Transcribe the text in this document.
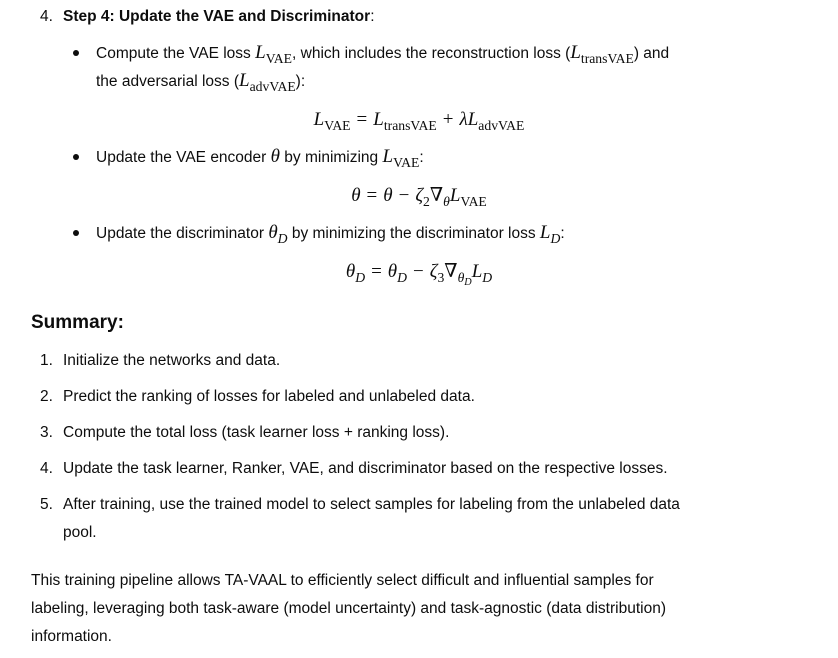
4. Step 4: Update the VAE and Discriminator:
Compute the VAE loss $L_{VAE}$, which includes the reconstruction loss $(L_{transVAE})$ and
the adversarial loss $(L_{advVAE})$:
$L_{VAE} = L_{transVAE} + \lambda L_{advVAE}$
Update the VAE encoder θ by minimizing $L_{VAE}$:
$\theta = \theta - \zeta_2\nabla_\theta L_{VAE}$
Update the discriminator $\theta_D$ by minimizing the discriminator loss $L_D$:
$\theta_D = \theta_D - \zeta_3\nabla_{\theta_D}L_D$
Summary:
1. Initialize the networks and data.
2. Predict the ranking of losses for labeled and unlabeled data.
3. Compute the total loss (task learner loss + ranking loss).
4. Update the task learner, Ranker, VAE, and discriminator based on the respective losses.
5. After training, use the trained model to select samples for labeling from the unlabeled data
pool.
This training pipeline allows TA-VAAL to efficiently select difficult and influential samples for
labeling, leveraging both task-aware (model uncertainty) and task-agnostic (data distribution)
information.
